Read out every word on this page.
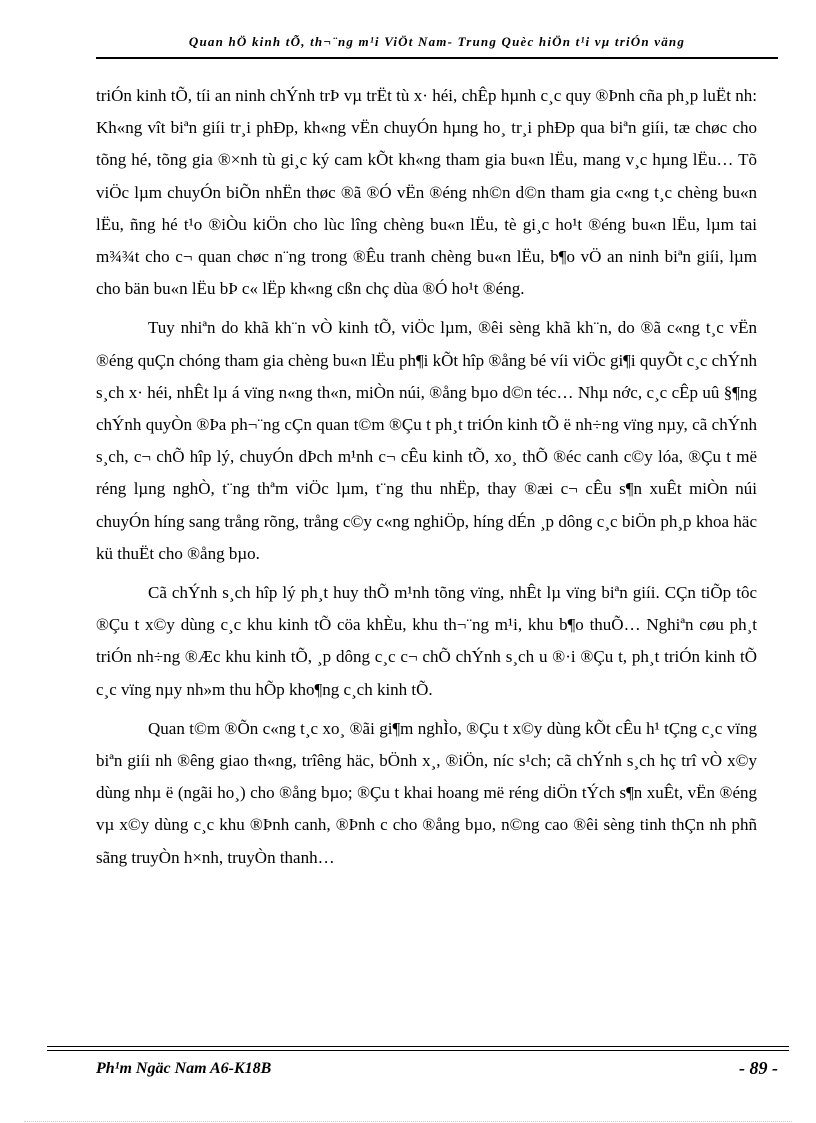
Quan hÖ kinh tÕ, th¬¨ng m¹i ViÖt Nam- Trung Quèc hiÖn t¹i vµ triÓn väng

triÓn kinh tÕ, tíi an ninh chÝnh trÞ vµ trËt tù x· héi, chÊp hµnh c¸c quy ®Þnh cña ph¸p luËt nh: Kh«ng vît biªn giíi tr¸i phÐp, kh«ng vËn chuyÓn hµng ho¸ tr¸i phÐp qua biªn giíi, tæ chøc cho tõng hé, tõng gia ®×nh tù gi¸c ký cam kÕt kh«ng tham gia bu«n lËu, mang v¸c hµng lËu… Tõ viÖc lµm chuyÓn biÕn nhËn thøc ®ã ®Ó vËn ®éng nh©n d©n tham gia c«ng t¸c chèng bu«n lËu, ñng hé t¹o ®iÒu kiÖn cho lùc lîng chèng bu«n lËu, tè gi¸c ho¹t ®éng bu«n lËu, lµm tai m¾¾t cho c¬ quan chøc n¨ng trong ®Êu tranh chèng bu«n lËu, b¶o vÖ an ninh biªn giíi, lµm cho bän bu«n lËu bÞ c« lËp kh«ng cßn chç dùa ®Ó ho¹t ®éng.

Tuy nhiªn do khã kh¨n vÒ kinh tÕ, viÖc lµm, ®êi sèng khã kh¨n, do ®ã c«ng t¸c vËn ®éng quÇn chóng tham gia chèng bu«n lËu ph¶i kÕt hîp ®ång bé víi viÖc gi¶i quyÕt c¸c chÝnh s¸ch x· héi, nhÊt lµ á vïng n«ng th«n, miÒn núi, ®ång bµo d©n téc… Nhµ nớc, c¸c cÊp uû §¶ng chÝnh quyÒn ®Þa ph¬¨ng cÇn quan t©m ®Çu t ph¸t triÓn kinh tÕ ë nh÷ng vïng nµy, cã chÝnh s¸ch, c¬ chÕ hîp lý, chuyÓn dÞch m¹nh c¬ cÊu kinh tÕ, xo¸ thÕ ®éc canh c©y lóa, ®Çu t më réng lµng nghÒ, t¨ng thªm viÖc lµm, t¨ng thu nhËp, thay ®æi c¬ cÊu s¶n xuÊt miÒn núi chuyÓn híng sang trång rõng, trång c©y c«ng nghiÖp, híng dÉn ¸p dông c¸c biÖn ph¸p khoa häc kü thuËt cho ®ång bµo.

Cã chÝnh s¸ch hîp lý ph¸t huy thÕ m¹nh tõng vïng, nhÊt lµ vïng biªn giíi. CÇn tiÕp tôc ®Çu t x©y dùng c¸c khu kinh tÕ cöa khÈu, khu th¬¨ng m¹i, khu b¶o thuÕ… Nghiªn cøu ph¸t triÓn nh÷ng ®Æc khu kinh tÕ, ¸p dông c¸c c¬ chÕ chÝnh s¸ch u ®·i ®Çu t, ph¸t triÓn kinh tÕ c¸c vïng nµy nh»m thu hÕp kho¶ng c¸ch kinh tÕ.

Quan t©m ®Õn c«ng t¸c xo¸ ®ãi gi¶m nghÌo, ®Çu t x©y dùng kÕt cÊu h¹ tÇng c¸c vïng biªn giíi nh ®êng giao th«ng, trîêng häc, bÖnh x¸, ®iÖn, níc s¹ch; cã chÝnh s¸ch hç trî vÒ x©y dùng nhµ ë (ngãi ho¸) cho ®ång bµo; ®Çu t khai hoang më réng diÖn tÝch s¶n xuÊt, vËn ®éng vµ x©y dùng c¸c khu ®Þnh canh, ®Þnh c cho ®ång bµo, n©ng cao ®êi sèng tinh thÇn nh phñ sãng truyÒn h×nh, truyÒn thanh…

Ph¹m Ngäc Nam A6-K18B	- 89 -
